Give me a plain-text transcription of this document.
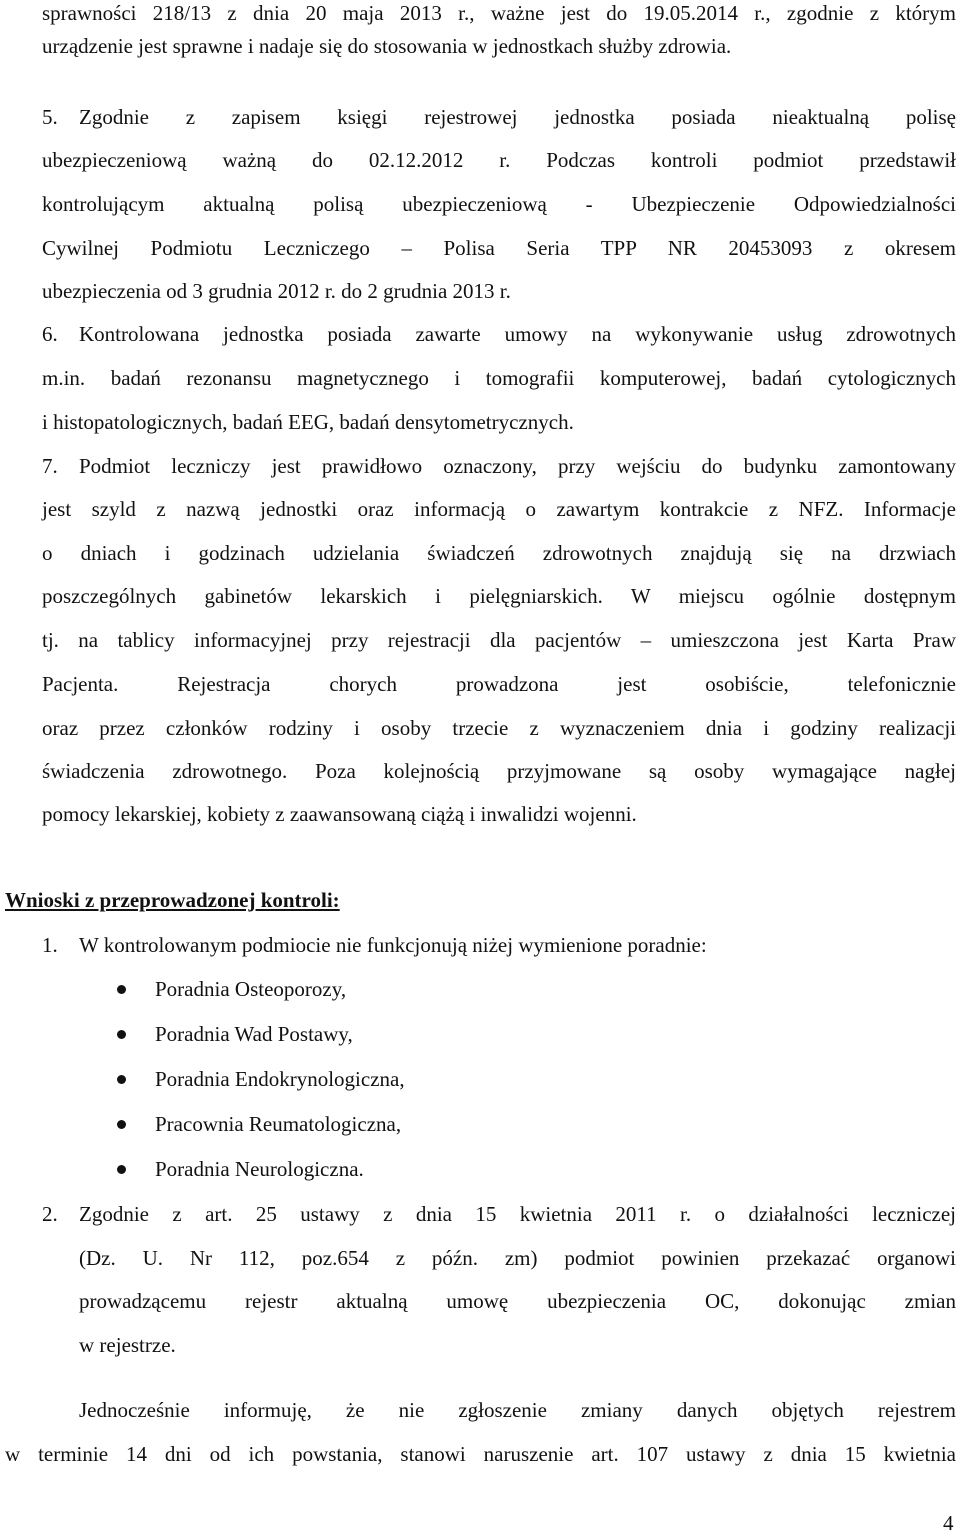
sprawności 218/13 z dnia 20 maja 2013 r., ważne jest do 19.05.2014 r., zgodnie z którym
urządzenie jest sprawne i nadaje się do stosowania w jednostkach służby zdrowia.
5. Zgodnie z zapisem księgi rejestrowej jednostka posiada nieaktualną polisę
ubezpieczeniową ważną do 02.12.2012 r. Podczas kontroli podmiot przedstawił
kontrolującym aktualną polisą ubezpieczeniową - Ubezpieczenie Odpowiedzialności
Cywilnej Podmiotu Leczniczego – Polisa Seria TPP NR 20453093 z okresem
ubezpieczenia od 3 grudnia 2012 r. do 2 grudnia 2013 r.
6. Kontrolowana jednostka posiada zawarte umowy na wykonywanie usług zdrowotnych
m.in. badań rezonansu magnetycznego i tomografii komputerowej, badań cytologicznych
i histopatologicznych, badań EEG, badań densytometrycznych.
7. Podmiot leczniczy jest prawidłowo oznaczony, przy wejściu do budynku zamontowany
jest szyld z nazwą jednostki oraz informacją o zawartym kontrakcie z NFZ. Informacje
o dniach i godzinach udzielania świadczeń zdrowotnych znajdują się na drzwiach
poszczególnych gabinetów lekarskich i pielęgniarskich. W miejscu ogólnie dostępnym
tj. na tablicy informacyjnej przy rejestracji dla pacjentów – umieszczona jest Karta Praw
Pacjenta. Rejestracja chorych prowadzona jest osobiście, telefonicznie
oraz przez członków rodziny i osoby trzecie z wyznaczeniem dnia i godziny realizacji
świadczenia zdrowotnego. Poza kolejnością przyjmowane są osoby wymagające nagłej
pomocy lekarskiej, kobiety z zaawansowaną ciążą i inwalidzi wojenni.
Wnioski z przeprowadzonej kontroli:
1. W kontrolowanym podmiocie nie funkcjonują niżej wymienione poradnie:
Poradnia Osteoporozy,
Poradnia Wad Postawy,
Poradnia Endokrynologiczna,
Pracownia Reumatologiczna,
Poradnia Neurologiczna.
2. Zgodnie z art. 25 ustawy z dnia 15 kwietnia 2011 r. o działalności leczniczej
(Dz. U. Nr 112, poz.654 z późn. zm) podmiot powinien przekazać organowi
prowadzącemu rejestr aktualną umowę ubezpieczenia OC, dokonując zmian
w rejestrze.
Jednocześnie informuję, że nie zgłoszenie zmiany danych objętych rejestrem
w terminie 14 dni od ich powstania, stanowi naruszenie art. 107 ustawy z dnia 15 kwietnia
4
